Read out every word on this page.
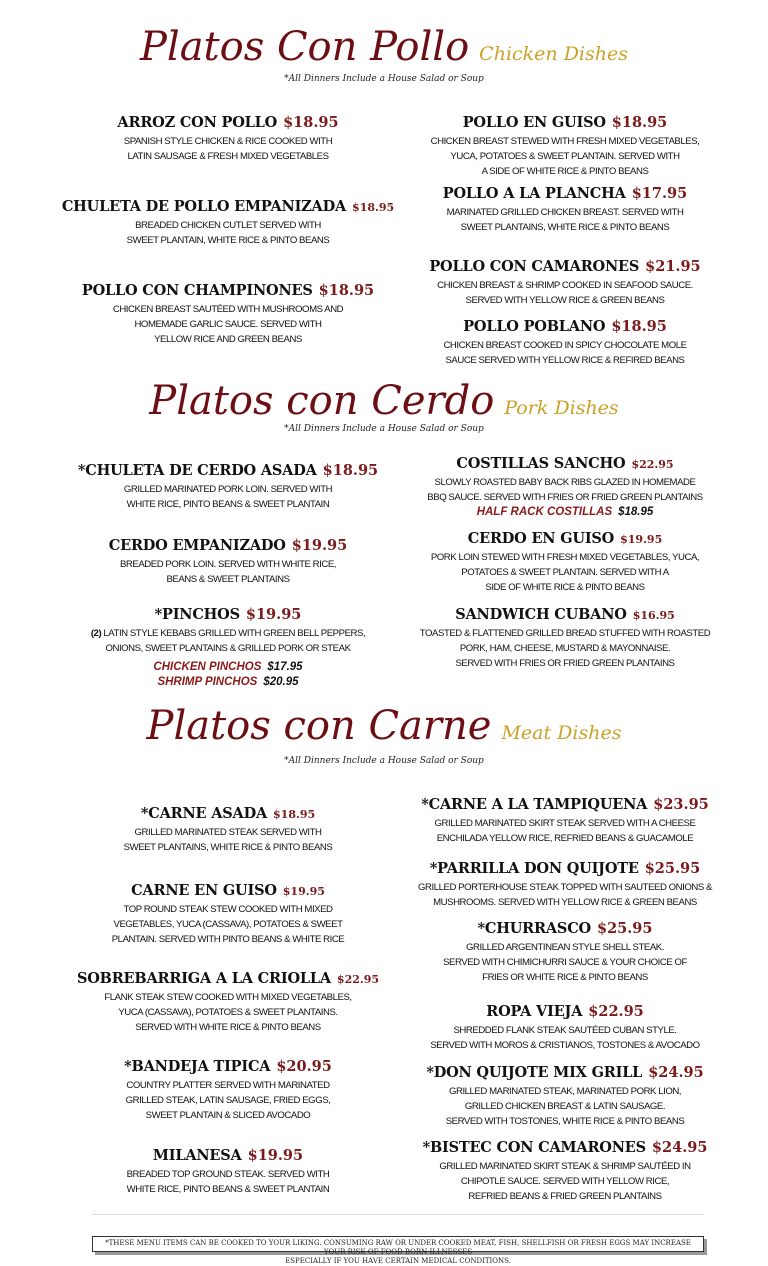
Platos Con Pollo Chicken Dishes
*All Dinners Include a House Salad or Soup
ARROZ CON POLLO $18.95
SPANISH STYLE CHICKEN & RICE COOKED WITH
LATIN SAUSAGE & FRESH MIXED VEGETABLES
POLLO EN GUISO $18.95
CHICKEN BREAST STEWED WITH FRESH MIXED VEGETABLES,
YUCA, POTATOES & SWEET PLANTAIN. SERVED WITH
A SIDE OF WHITE RICE & PINTO BEANS
CHULETA DE POLLO EMPANIZADA $18.95
BREADED CHICKEN CUTLET SERVED WITH
SWEET PLANTAIN, WHITE RICE & PINTO BEANS
POLLO A LA PLANCHA $17.95
MARINATED GRILLED CHICKEN BREAST. SERVED WITH
SWEET PLANTAINS, WHITE RICE & PINTO BEANS
POLLO CON CHAMPINONES $18.95
CHICKEN BREAST SAUTÉED WITH MUSHROOMS AND
HOMEMADE GARLIC SAUCE. SERVED WITH
YELLOW RICE AND GREEN BEANS
POLLO CON CAMARONES $21.95
CHICKEN BREAST & SHRIMP COOKED IN SEAFOOD SAUCE.
SERVED WITH YELLOW RICE & GREEN BEANS
POLLO POBLANO $18.95
CHICKEN BREAST COOKED IN SPICY CHOCOLATE MOLE
SAUCE SERVED WITH YELLOW RICE & REFIRED BEANS
Platos con Cerdo Pork Dishes
*All Dinners Include a House Salad or Soup
*CHULETA DE CERDO ASADA $18.95
GRILLED MARINATED PORK LOIN. SERVED WITH
WHITE RICE, PINTO BEANS & SWEET PLANTAIN
COSTILLAS SANCHO $22.95
SLOWLY ROASTED BABY BACK RIBS GLAZED IN HOMEMADE
BBQ SAUCE. SERVED WITH FRIES OR FRIED GREEN PLANTAINS
HALF RACK COSTILLAS $18.95
CERDO EMPANIZADO $19.95
BREADED PORK LOIN. SERVED WITH WHITE RICE,
BEANS & SWEET PLANTAINS
CERDO EN GUISO $19.95
PORK LOIN STEWED WITH FRESH MIXED VEGETABLES, YUCA,
POTATOES & SWEET PLANTAIN. SERVED WITH A
SIDE OF WHITE RICE & PINTO BEANS
*PINCHOS $19.95
(2) LATIN STYLE KEBABS GRILLED WITH GREEN BELL PEPPERS,
ONIONS, SWEET PLANTAINS & GRILLED PORK OR STEAK
CHICKEN PINCHOS $17.95
SHRIMP PINCHOS $20.95
SANDWICH CUBANO $16.95
TOASTED & FLATTENED GRILLED BREAD STUFFED WITH ROASTED
PORK, HAM, CHEESE, MUSTARD & MAYONNAISE.
SERVED WITH FRIES OR FRIED GREEN PLANTAINS
Platos con Carne Meat Dishes
*All Dinners Include a House Salad or Soup
*CARNE ASADA $18.95
GRILLED MARINATED STEAK SERVED WITH
SWEET PLANTAINS, WHITE RICE & PINTO BEANS
*CARNE A LA TAMPIQUENA $23.95
GRILLED MARINATED SKIRT STEAK SERVED WITH A CHEESE
ENCHILADA YELLOW RICE, REFRIED BEANS & GUACAMOLE
CARNE EN GUISO $19.95
TOP ROUND STEAK STEW COOKED WITH MIXED
VEGETABLES, YUCA (CASSAVA), POTATOES & SWEET
PLANTAIN. SERVED WITH PINTO BEANS & WHITE RICE
*PARRILLA DON QUIJOTE $25.95
GRILLED PORTERHOUSE STEAK TOPPED WITH SAUTEED ONIONS &
MUSHROOMS. SERVED WITH YELLOW RICE & GREEN BEANS
*CHURRASCO $25.95
GRILLED ARGENTINEAN STYLE SHELL STEAK.
SERVED WITH CHIMICHURRI SAUCE & YOUR CHOICE OF
FRIES OR WHITE RICE & PINTO BEANS
SOBREBARRIGA A LA CRIOLLA $22.95
FLANK STEAK STEW COOKED WITH MIXED VEGETABLES,
YUCA (CASSAVA), POTATOES & SWEET PLANTAINS.
SERVED WITH WHITE RICE & PINTO BEANS
ROPA VIEJA $22.95
SHREDDED FLANK STEAK SAUTÉED CUBAN STYLE.
SERVED WITH MOROS & CRISTIANOS, TOSTONES & AVOCADO
*BANDEJA TIPICA $20.95
COUNTRY PLATTER SERVED WITH MARINATED
GRILLED STEAK, LATIN SAUSAGE, FRIED EGGS,
SWEET PLANTAIN & SLICED AVOCADO
*DON QUIJOTE MIX GRILL $24.95
GRILLED MARINATED STEAK, MARINATED PORK LION,
GRILLED CHICKEN BREAST & LATIN SAUSAGE.
SERVED WITH TOSTONES, WHITE RICE & PINTO BEANS
MILANESA $19.95
BREADED TOP GROUND STEAK. SERVED WITH
WHITE RICE, PINTO BEANS & SWEET PLANTAIN
*BISTEC CON CAMARONES $24.95
GRILLED MARINATED SKIRT STEAK & SHRIMP SAUTÉED IN
CHIPOTLE SAUCE. SERVED WITH YELLOW RICE,
REFRIED BEANS & FRIED GREEN PLANTAINS
*THESE MENU ITEMS CAN BE COOKED TO YOUR LIKING. CONSUMING RAW OR UNDER COOKED MEAT, FISH, SHELLFISH OR FRESH EGGS MAY INCREASE YOUR RISK OF FOOD BORN ILLNESSES
ESPECIALLY IF YOU HAVE CERTAIN MEDICAL CONDITIONS.
